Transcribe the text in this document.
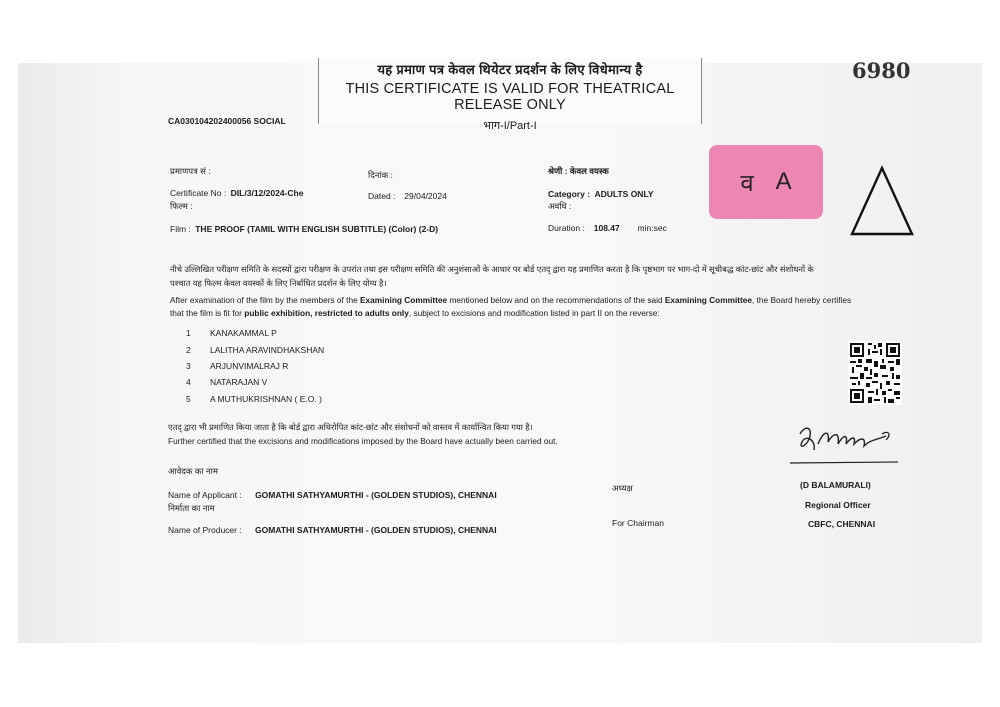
यह प्रमाण पत्र केवल थियेटर प्रदर्शन के लिए विधेमान्य है
THIS CERTIFICATE IS VALID FOR THEATRICAL RELEASE ONLY
भाग-I/Part-I
6980
CA030104202400056 SOCIAL
प्रमाणपत्र सं :
Certificate No : DIL/3/12/2024-Che
फिल्म :
Film : THE PROOF (TAMIL WITH ENGLISH SUBTITLE) (Color) (2-D)
दिनांक :
Dated : 29/04/2024
श्रेणी : केवल वयस्क
Category : ADULTS ONLY
अवधि :
Duration : 108.47 min:sec
व A
नीचे उल्लिखित परीक्षण समिति के सदस्यों द्वारा परीक्षण के उपरांत तथा इस परीक्षण समिति की अनुशंसाओं के आधार पर बोर्ड एतद् द्वारा यह प्रमाणित करता है कि पृष्ठभाग पर भाग-दो में सूचीबद्ध कांट-छांट और संशोधनों के
पश्चात यह फिल्म केवल वयस्कों के लिए निर्बाधित प्रदर्शन के लिए योग्य है।
After examination of the film by the members of the Examining Committee mentioned below and on the recommendations of the said Examining Committee, the Board hereby certifies
that the film is fit for public exhibition, restricted to adults only, subject to excisions and modification listed in part II on the reverse:
1 KANAKAMMAL P
2 LALITHA ARAVINDHAKSHAN
3 ARJUNVIMALRAJ R
4 NATARAJAN V
5 A MUTHUKRISHNAN ( E.O. )
एतद् द्वारा भी प्रमाणित किया जाता है कि बोर्ड द्वारा अधिरोपित कांट-छांट और संशोधनों को वास्तव में कार्यान्वित किया गया है।
Further certified that the excisions and modifications imposed by the Board have actually been carried out.
आवेदक का नाम
Name of Applicant : GOMATHI SATHYAMURTHI - (GOLDEN STUDIOS), CHENNAI
निर्माता का नाम
Name of Producer : GOMATHI SATHYAMURTHI - (GOLDEN STUDIOS), CHENNAI
अध्यक्ष
For Chairman
(D BALAMURALI)
Regional Officer
CBFC, CHENNAI
